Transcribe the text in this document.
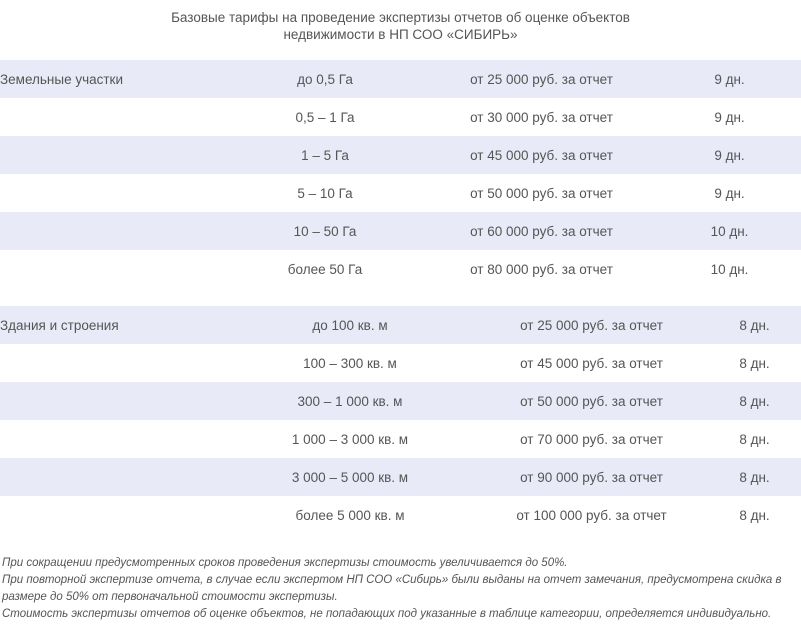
Базовые тарифы на проведение экспертизы отчетов об оценке объектов
недвижимости в НП СОО «СИБИРЬ»
Земельные участки	до 0,5 Га	от 25 000 руб. за отчет	9 дн.
	0,5 – 1 Га	от 30 000 руб. за отчет	9 дн.
	1 – 5 Га	от 45 000 руб. за отчет	9 дн.
	5 – 10 Га	от 50 000 руб. за отчет	9 дн.
	10 – 50 Га	от 60 000 руб. за отчет	10 дн.
	более 50 Га	от 80 000 руб. за отчет	10 дн.
Здания и строения	до 100 кв. м	от 25 000 руб. за отчет	8 дн.
	100 – 300 кв. м	от 45 000 руб. за отчет	8 дн.
	300 – 1 000 кв. м	от 50 000 руб. за отчет	8 дн.
	1 000 – 3 000 кв. м	от 70 000 руб. за отчет	8 дн.
	3 000 – 5 000 кв. м	от 90 000 руб. за отчет	8 дн.
	более 5 000 кв. м	от 100 000 руб. за отчет	8 дн.

При сокращении предусмотренных сроков проведения экспертизы стоимость увеличивается до 50%.

При повторной экспертизе отчета, в случае если экспертом НП СОО «Сибирь» были выданы на отчет замечания, предусмотрена скидка в размере до 50% от первоначальной стоимости экспертизы.

Стоимость экспертизы отчетов об оценке объектов, не попадающих под указанные в таблице категории, определяется индивидуально.
